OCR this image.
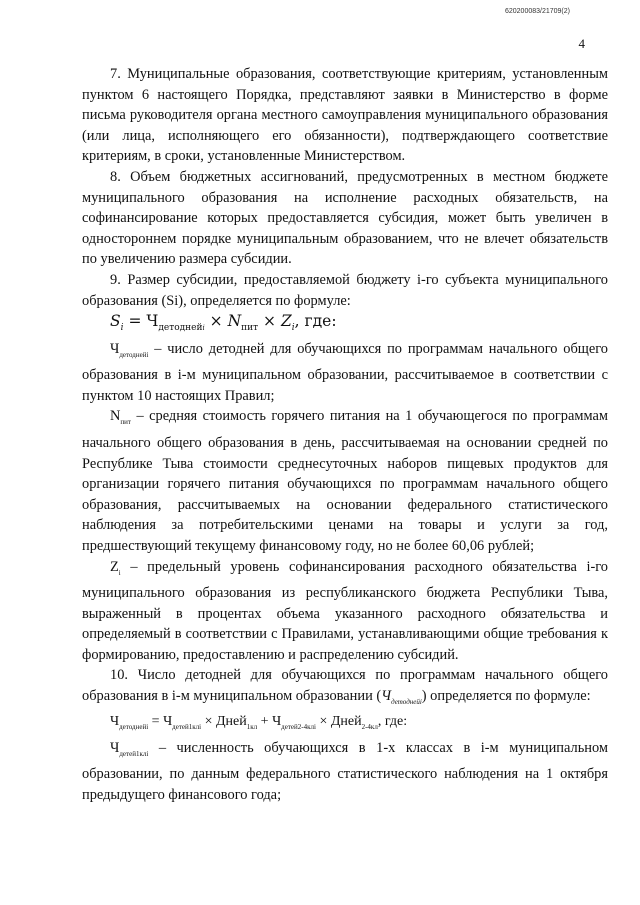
620200083/21709(2)
4

7. Муниципальные образования, соответствующие критериям, установленным пунктом 6 настоящего Порядка, представляют заявки в Министерство в форме письма руководителя органа местного самоуправления муниципального образования (или лица, исполняющего его обязанности), подтверждающего соответствие критериям, в сроки, установленные Министерством.

8. Объем бюджетных ассигнований, предусмотренных в местном бюджете муниципального образования на исполнение расходных обязательств, на софинансирование которых предоставляется субсидия, может быть увеличен в одностороннем порядке муниципальным образованием, что не влечет обязательств по увеличению размера субсидии.

9. Размер субсидии, предоставляемой бюджету i-го субъекта муниципального образования (Si), определяется по формуле:

$S_i = Ч_{детоднейi} \times N_{пит} \times Z_i$, где:

$Ч_{детоднейi}$ – число детодней для обучающихся по программам начального общего образования в i-м муниципальном образовании, рассчитываемое в соответствии с пунктом 10 настоящих Правил;

$N_{пит}$ – средняя стоимость горячего питания на 1 обучающегося по программам начального общего образования в день, рассчитываемая на основании средней по Республике Тыва стоимости среднесуточных наборов пищевых продуктов для организации горячего питания обучающихся по программам начального общего образования, рассчитываемых на основании федерального статистического наблюдения за потребительскими ценами на товары и услуги за год, предшествующий текущему финансовому году, но не более 60,06 рублей;

$Z_i$ – предельный уровень софинансирования расходного обязательства i-го муниципального образования из республиканского бюджета Республики Тыва, выраженный в процентах объема указанного расходного обязательства и определяемый в соответствии с Правилами, устанавливающими общие требования к формированию, предоставлению и распределению субсидий.

10. Число детодней для обучающихся по программам начального общего образования в i-м муниципальном образовании $(Ч_{детоднейi})$ определяется по формуле:

$Ч_{детоднейi} = Ч_{детей1клi}$ × Дней$_{1кл}$ + $Ч_{детей2-4клi}$ × Дней$_{2-4кл}$, где:

$Ч_{детей1клi}$ – численность обучающихся в 1-х классах в i-м муниципальном образовании, по данным федерального статистического наблюдения на 1 октября предыдущего финансового года;
